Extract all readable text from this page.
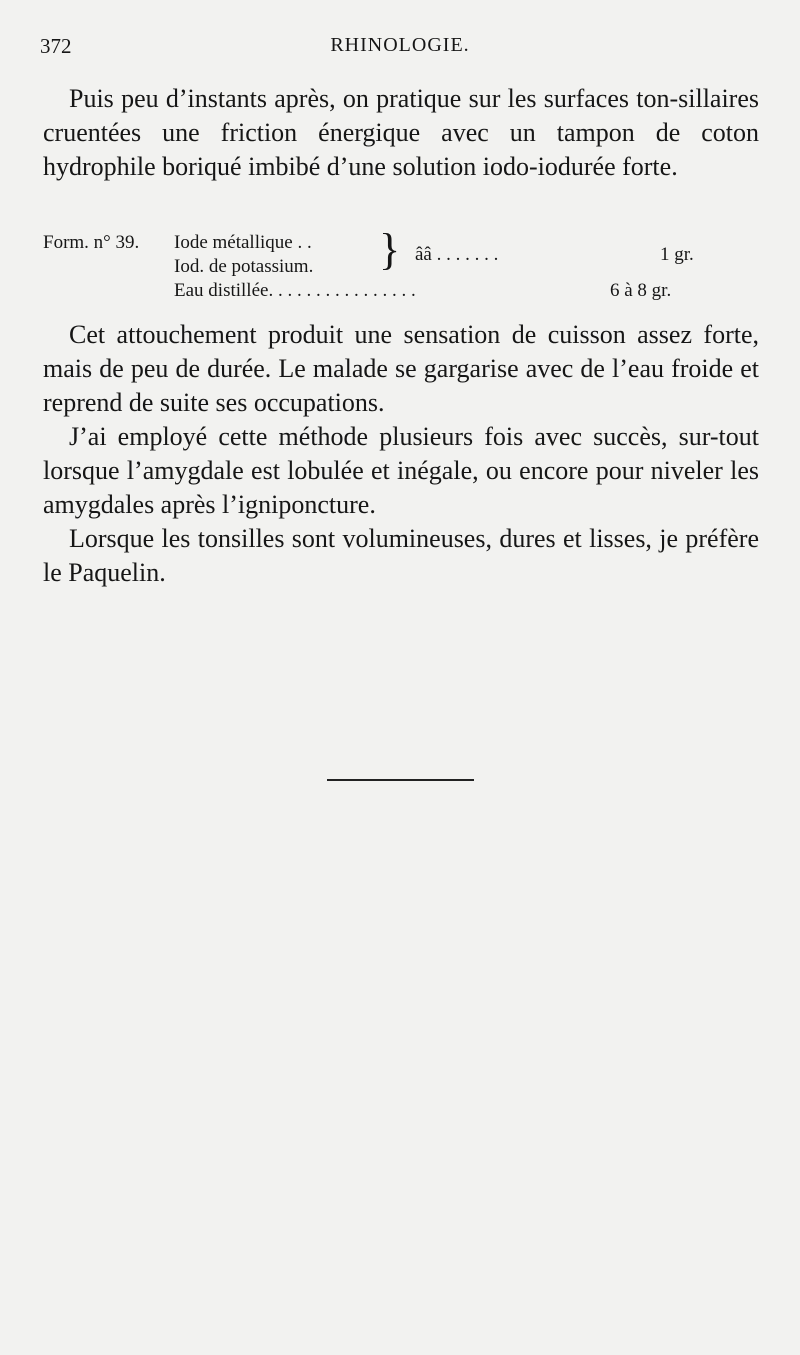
372	RHINOLOGIE.

Puis peu d’instants après, on pratique sur les surfaces ton-sillaires cruentées une friction énergique avec un tampon de coton hydrophile boriqué imbibé d’une solution iodo-iodurée forte.

Form. n° 39. Iode métallique . .
Iod. de potassium. } ââ . . . . . . .	1 gr.
Eau distillée. . . . . . . . . . . . . . . .	6 à 8 gr.

Cet attouchement produit une sensation de cuisson assez forte, mais de peu de durée. Le malade se gargarise avec de l’eau froide et reprend de suite ses occupations.

J’ai employé cette méthode plusieurs fois avec succès, sur-tout lorsque l’amygdale est lobulée et inégale, ou encore pour niveler les amygdales après l’igniponcture.

Lorsque les tonsilles sont volumineuses, dures et lisses, je préfère le Paquelin.
